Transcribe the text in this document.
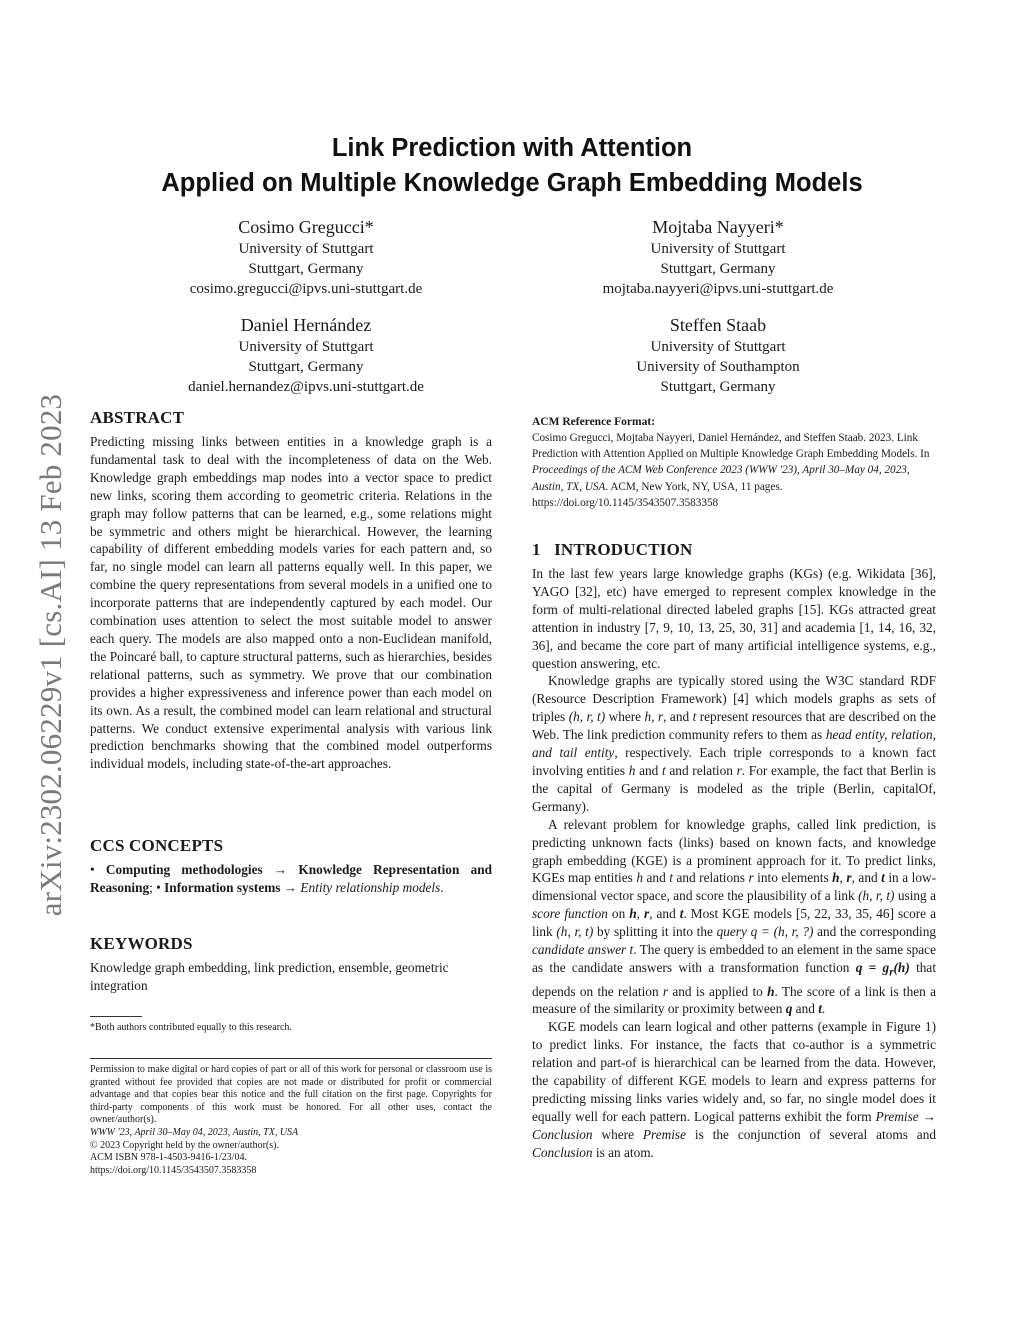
arXiv:2302.06229v1 [cs.AI] 13 Feb 2023
Link Prediction with Attention
Applied on Multiple Knowledge Graph Embedding Models
Cosimo Gregucci*
University of Stuttgart
Stuttgart, Germany
cosimo.gregucci@ipvs.uni-stuttgart.de
Mojtaba Nayyeri*
University of Stuttgart
Stuttgart, Germany
mojtaba.nayyeri@ipvs.uni-stuttgart.de
Daniel Hernández
University of Stuttgart
Stuttgart, Germany
daniel.hernandez@ipvs.uni-stuttgart.de
Steffen Staab
University of Stuttgart
University of Southampton
Stuttgart, Germany
ABSTRACT

Predicting missing links between entities in a knowledge graph is a fundamental task to deal with the incompleteness of data on the Web. Knowledge graph embeddings map nodes into a vector space to predict new links, scoring them according to geometric criteria. Relations in the graph may follow patterns that can be learned, e.g., some relations might be symmetric and others might be hierarchical. However, the learning capability of different embedding models varies for each pattern and, so far, no single model can learn all patterns equally well. In this paper, we combine the query representations from several models in a unified one to incorporate patterns that are independently captured by each model. Our combination uses attention to select the most suitable model to answer each query. The models are also mapped onto a non-Euclidean manifold, the Poincaré ball, to capture structural patterns, such as hierarchies, besides relational patterns, such as symmetry. We prove that our combination provides a higher expressiveness and inference power than each model on its own. As a result, the combined model can learn relational and structural patterns. We conduct extensive experimental analysis with various link prediction benchmarks showing that the combined model outperforms individual models, including state-of-the-art approaches.

CCS CONCEPTS

• Computing methodologies → Knowledge Representation and Reasoning; • Information systems → Entity relationship models.

KEYWORDS

Knowledge graph embedding, link prediction, ensemble, geometric integration

*Both authors contributed equally to this research.

Permission to make digital or hard copies of part or all of this work for personal or classroom use is granted without fee provided that copies are not made or distributed for profit or commercial advantage and that copies bear this notice and the full citation on the first page. Copyrights for third-party components of this work must be honored. For all other uses, contact the owner/author(s).

WWW '23, April 30–May 04, 2023, Austin, TX, USA

© 2023 Copyright held by the owner/author(s).

ACM ISBN 978-1-4503-9416-1/23/04.

https://doi.org/10.1145/3543507.3583358

ACM Reference Format:

Cosimo Gregucci, Mojtaba Nayyeri, Daniel Hernández, and Steffen Staab. 2023. Link Prediction with Attention Applied on Multiple Knowledge Graph Embedding Models. In Proceedings of the ACM Web Conference 2023 (WWW '23), April 30–May 04, 2023, Austin, TX, USA. ACM, New York, NY, USA, 11 pages. https://doi.org/10.1145/3543507.3583358

1 INTRODUCTION

In the last few years large knowledge graphs (KGs) (e.g. Wikidata [36], YAGO [32], etc) have emerged to represent complex knowledge in the form of multi-relational directed labeled graphs [15]. KGs attracted great attention in industry [7, 9, 10, 13, 25, 30, 31] and academia [1, 14, 16, 32, 36], and became the core part of many artificial intelligence systems, e.g., question answering, etc.

Knowledge graphs are typically stored using the W3C standard RDF (Resource Description Framework) [4] which models graphs as sets of triples (h, r, t) where h, r, and t represent resources that are described on the Web. The link prediction community refers to them as head entity, relation, and tail entity, respectively. Each triple corresponds to a known fact involving entities h and t and relation r. For example, the fact that Berlin is the capital of Germany is modeled as the triple (Berlin, capitalOf, Germany).

A relevant problem for knowledge graphs, called link prediction, is predicting unknown facts (links) based on known facts, and knowledge graph embedding (KGE) is a prominent approach for it. To predict links, KGEs map entities h and t and relations r into elements h, r, and t in a low-dimensional vector space, and score the plausibility of a link (h, r, t) using a score function on h, r, and t. Most KGE models [5, 22, 33, 35, 46] score a link (h, r, t) by splitting it into the query q = (h, r, ?) and the corresponding candidate answer t. The query is embedded to an element in the same space as the candidate answers with a transformation function $q = g_r(h)$ that depends on the relation r and is applied to h. The score of a link is then a measure of the similarity or proximity between q and t.

KGE models can learn logical and other patterns (example in Figure 1) to predict links. For instance, the facts that co-author is a symmetric relation and part-of is hierarchical can be learned from the data. However, the capability of different KGE models to learn and express patterns for predicting missing links varies widely and, so far, no single model does it equally well for each pattern. Logical patterns exhibit the form Premise → Conclusion where Premise is the conjunction of several atoms and Conclusion is an atom.
